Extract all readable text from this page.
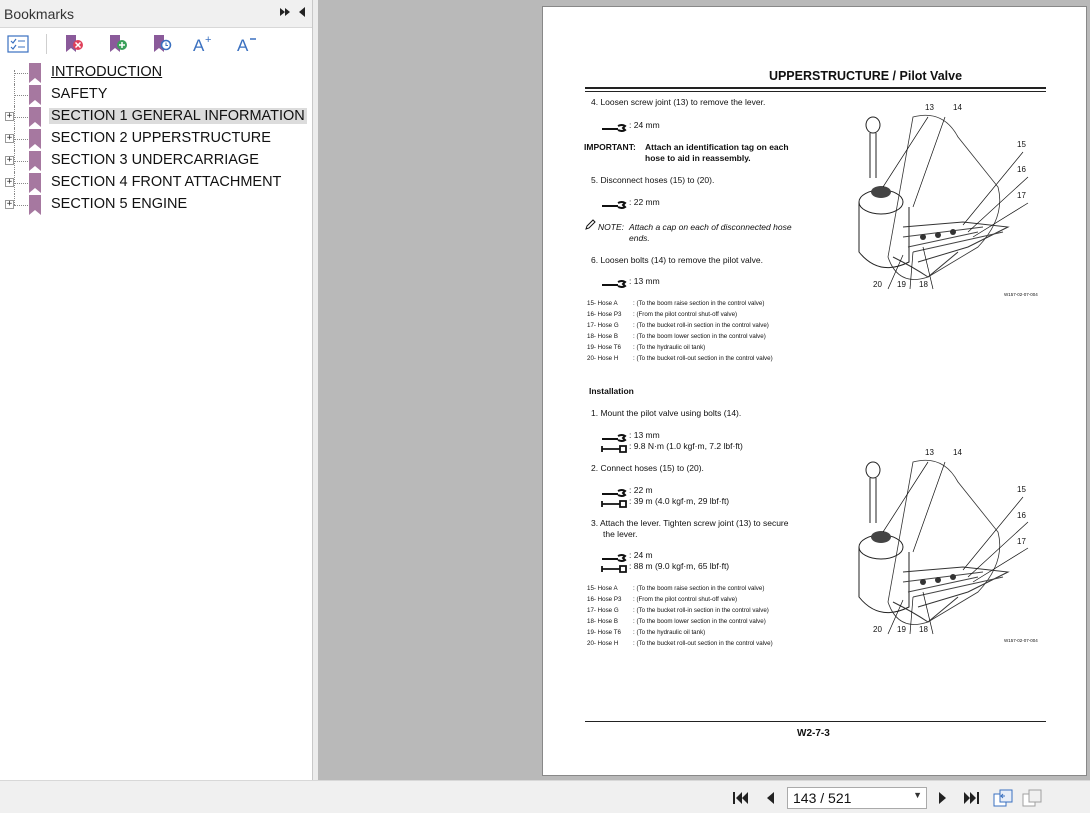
Bookmarks
A + A
INTRODUCTION
SAFETY
+	SECTION 1 GENERAL INFORMATION
+	SECTION 2 UPPERSTRUCTURE
+	SECTION 3 UNDERCARRIAGE
+	SECTION 4 FRONT ATTACHMENT
+	SECTION 5 ENGINE
UPPERSTRUCTURE / Pilot Valve
4. Loosen screw joint (13) to remove the lever.
: 24 mm
IMPORTANT: Attach an identification tag on each
hose to aid in reassembly.
5. Disconnect hoses (15) to (20).
: 22 mm
NOTE: Attach a cap on each of disconnected hose
ends.
6. Loosen bolts (14) to remove the pilot valve.
: 13 mm
15- Hose A : (To the boom raise section in the control valve)
16- Hose P3 : (From the pilot control shut-off valve)
17- Hose G : (To the bucket roll-in section in the control valve)
18- Hose B : (To the boom lower section in the control valve)
19- Hose T6 : (To the hydraulic oil tank)
20- Hose H : (To the bucket roll-out section in the control valve)
Installation
1. Mount the pilot valve using bolts (14).
: 13 mm
: 9.8 N·m (1.0 kgf·m, 7.2 lbf·ft)
2. Connect hoses (15) to (20).
: 22 m
: 39 m (4.0 kgf·m, 29 lbf·ft)
3. Attach the lever. Tighten screw joint (13) to secure
the lever.
: 24 m
: 88 m (9.0 kgf·m, 65 lbf·ft)
15- Hose A : (To the boom raise section in the control valve)
16- Hose P3 : (From the pilot control shut-off valve)
17- Hose G : (To the bucket roll-in section in the control valve)
18- Hose B : (To the boom lower section in the control valve)
19- Hose T6 : (To the hydraulic oil tank)
20- Hose H : (To the bucket roll-out section in the control valve)
13 14
15
16
17
18
19
20
W157-02-07-004
13 14
15
16
17
18
19
20
W157-02-07-004
W2-7-3
143 / 521	▼
